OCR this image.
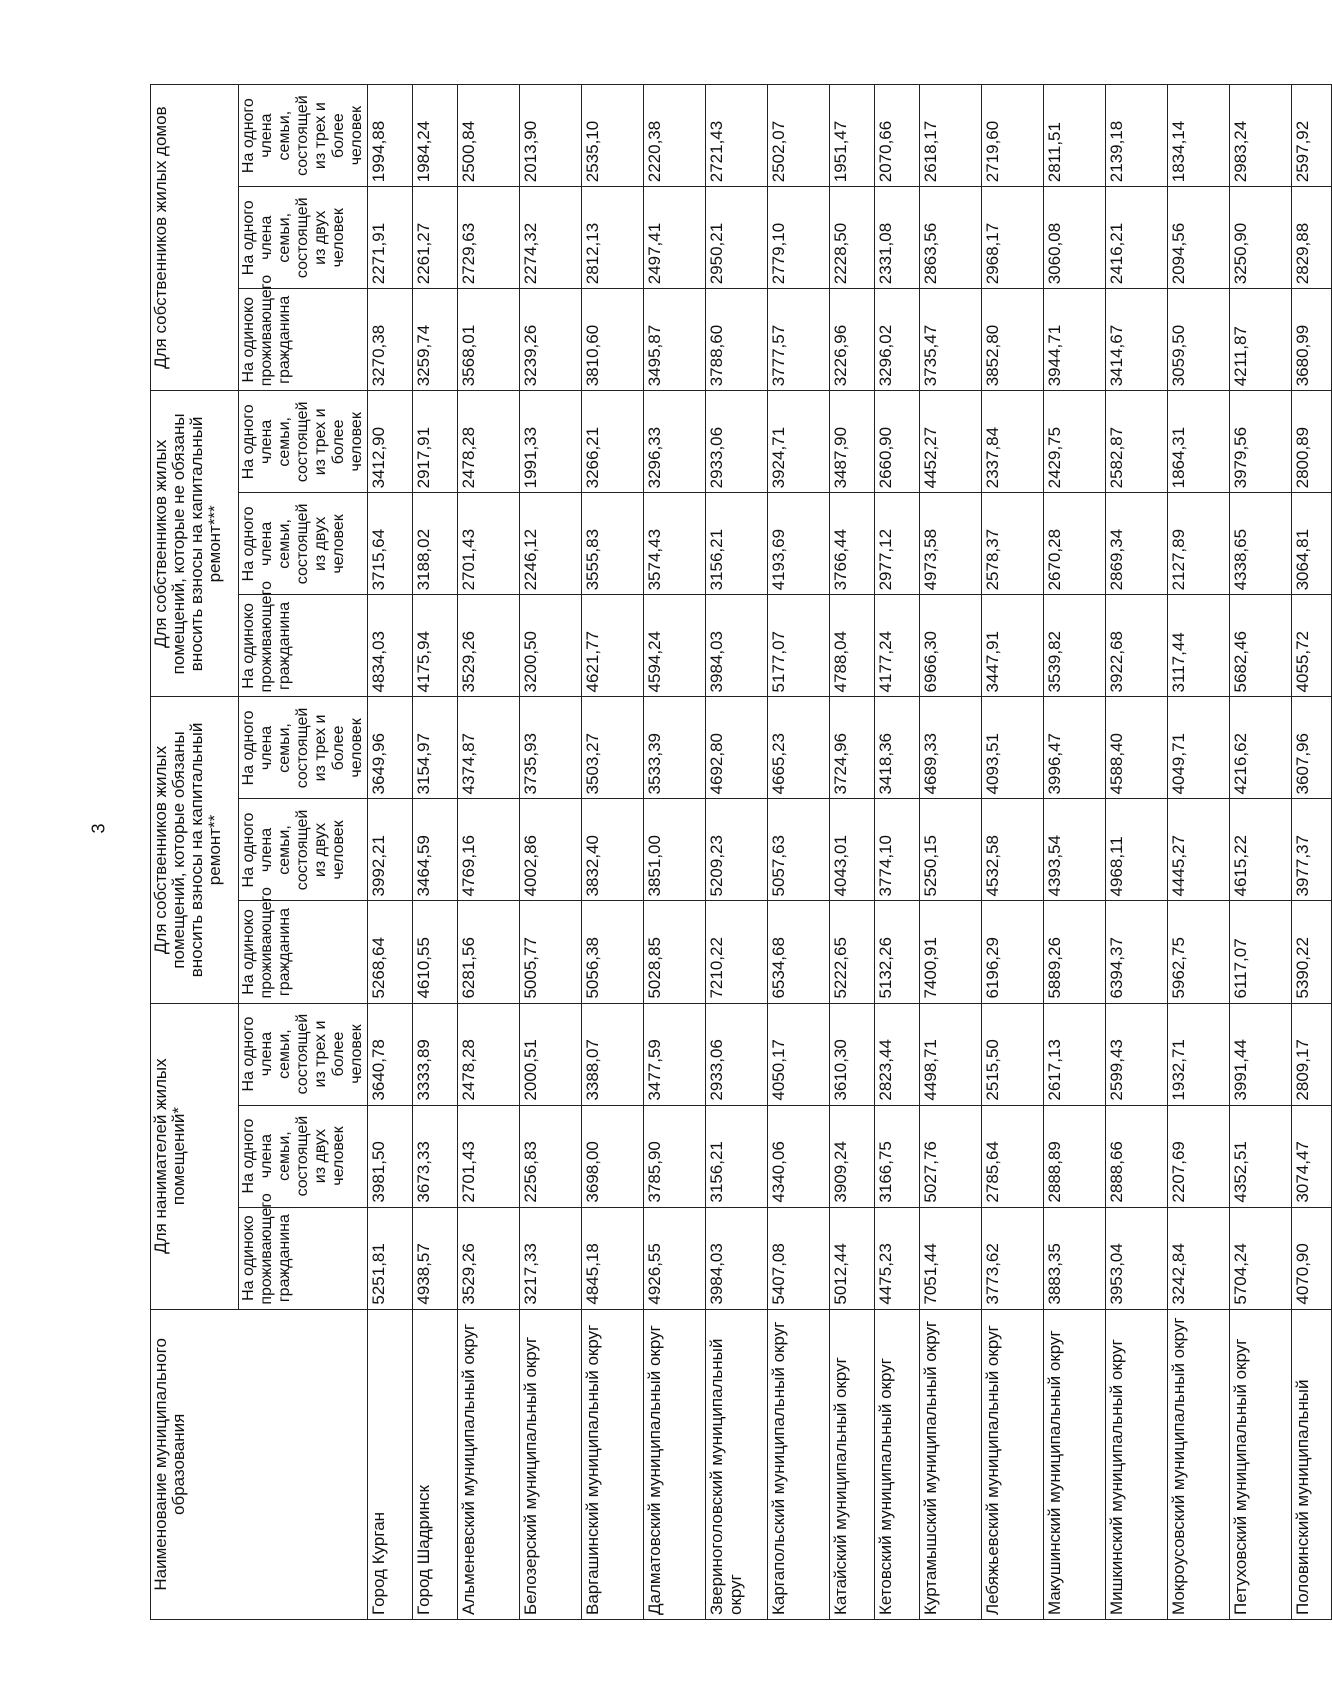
3
Наименование муниципального образования	Для нанимателей жилых помещений*			Для собственников жилых помещений, которые обязаны вносить взносы на капитальный ремонт**			Для собственников жилых помещений, которые не обязаны вносить взносы на капитальный ремонт***			Для собственников жилых домов		
	На одиноко проживающего гражданина	На одного члена семьи, состоящей из двух человек	На одного члена семьи, состоящей из трех и более человек	На одиноко проживающего гражданина	На одного члена семьи, состоящей из двух человек	На одного члена семьи, состоящей из трех и более человек	На одиноко проживающего гражданина	На одного члена семьи, состоящей из двух человек	На одного члена семьи, состоящей из трех и более человек	На одиноко проживающего гражданина	На одного члена семьи, состоящей из двух человек	На одного члена семьи, состоящей из трех и более человек
Город Курган	5251,81	3981,50	3640,78	5268,64	3992,21	3649,96	4834,03	3715,64	3412,90	3270,38	2271,91	1994,88
Город Шадринск	4938,57	3673,33	3333,89	4610,55	3464,59	3154,97	4175,94	3188,02	2917,91	3259,74	2261,27	1984,24
Альменевский муниципальный округ	3529,26	2701,43	2478,28	6281,56	4769,16	4374,87	3529,26	2701,43	2478,28	3568,01	2729,63	2500,84
Белозерский муниципальный округ	3217,33	2256,83	2000,51	5005,77	4002,86	3735,93	3200,50	2246,12	1991,33	3239,26	2274,32	2013,90
Варгашинский муниципальный округ	4845,18	3698,00	3388,07	5056,38	3832,40	3503,27	4621,77	3555,83	3266,21	3810,60	2812,13	2535,10
Далматовский муниципальный округ	4926,55	3785,90	3477,59	5028,85	3851,00	3533,39	4594,24	3574,43	3296,33	3495,87	2497,41	2220,38
Звериноголовский муниципальный округ	3984,03	3156,21	2933,06	7210,22	5209,23	4692,80	3984,03	3156,21	2933,06	3788,60	2950,21	2721,43
Каргапольский муниципальный округ	5407,08	4340,06	4050,17	6534,68	5057,63	4665,23	5177,07	4193,69	3924,71	3777,57	2779,10	2502,07
Катайский муниципальный округ	5012,44	3909,24	3610,30	5222,65	4043,01	3724,96	4788,04	3766,44	3487,90	3226,96	2228,50	1951,47
Кетовский муниципальный округ	4475,23	3166,75	2823,44	5132,26	3774,10	3418,36	4177,24	2977,12	2660,90	3296,02	2331,08	2070,66
Куртамышский муниципальный округ	7051,44	5027,76	4498,71	7400,91	5250,15	4689,33	6966,30	4973,58	4452,27	3735,47	2863,56	2618,17
Лебяжьевский муниципальный округ	3773,62	2785,64	2515,50	6196,29	4532,58	4093,51	3447,91	2578,37	2337,84	3852,80	2968,17	2719,60
Макушинский муниципальный округ	3883,35	2888,89	2617,13	5889,26	4393,54	3996,47	3539,82	2670,28	2429,75	3944,71	3060,08	2811,51
Мишкинский муниципальный округ	3953,04	2888,66	2599,43	6394,37	4968,11	4588,40	3922,68	2869,34	2582,87	3414,67	2416,21	2139,18
Мокроусовский муниципальный округ	3242,84	2207,69	1932,71	5962,75	4445,27	4049,71	3117,44	2127,89	1864,31	3059,50	2094,56	1834,14
Петуховский муниципальный округ	5704,24	4352,51	3991,44	6117,07	4615,22	4216,62	5682,46	4338,65	3979,56	4211,87	3250,90	2983,24
Половинский муниципальный	4070,90	3074,47	2809,17	5390,22	3977,37	3607,96	4055,72	3064,81	2800,89	3680,99	2829,88	2597,92
